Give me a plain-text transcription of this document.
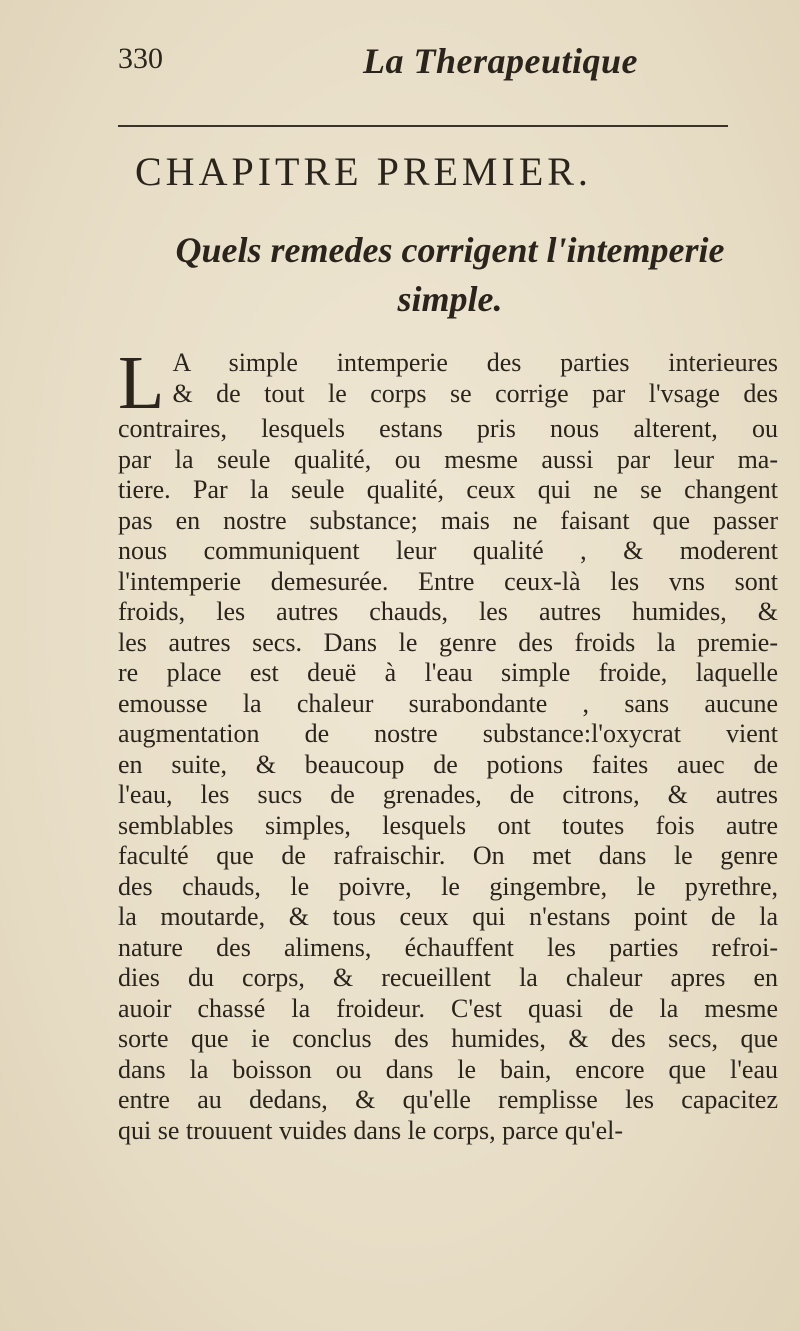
330	La Therapeutique
CHAPITRE PREMIER.
Quels remedes corrigent l'intemperie
simple.
L A simple intemperie des parties interieures
& de tout le corps se corrige par l'vsage des
contraires, lesquels estans pris nous alterent, ou
par la seule qualité, ou mesme aussi par leur ma-
tiere. Par la seule qualité, ceux qui ne se changent
pas en nostre substance; mais ne faisant que passer
nous communiquent leur qualité , & moderent
l'intemperie demesurée. Entre ceux-là les vns sont
froids, les autres chauds, les autres humides, &
les autres secs. Dans le genre des froids la premie-
re place est deuë à l'eau simple froide, laquelle
emousse la chaleur surabondante , sans aucune
augmentation de nostre substance:l'oxycrat vient
en suite, & beaucoup de potions faites auec de
l'eau, les sucs de grenades, de citrons, & autres
semblables simples, lesquels ont toutes fois autre
faculté que de rafraischir. On met dans le genre
des chauds, le poivre, le gingembre, le pyrethre,
la moutarde, & tous ceux qui n'estans point de la
nature des alimens, échauffent les parties refroi-
dies du corps, & recueillent la chaleur apres en
auoir chassé la froideur. C'est quasi de la mesme
sorte que ie conclus des humides, & des secs, que
dans la boisson ou dans le bain, encore que l'eau
entre au dedans, & qu'elle remplisse les capacitez
qui se trouuent vuides dans le corps, parce qu'el-
